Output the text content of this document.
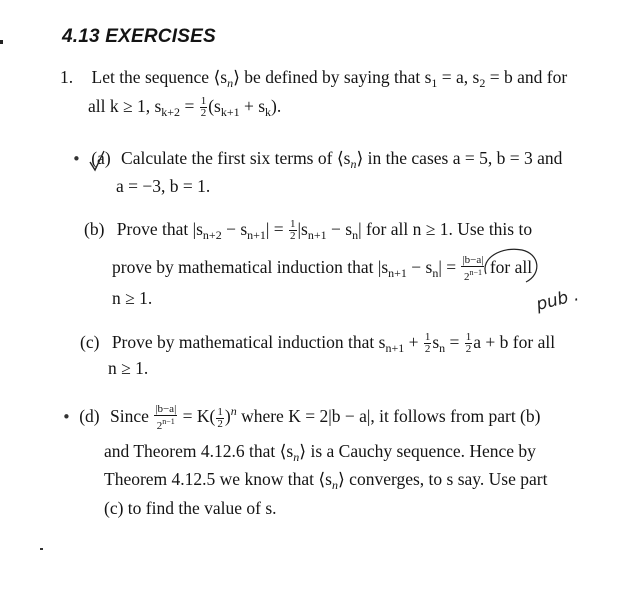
4.13 EXERCISES
1. Let the sequence $⟨s_n⟩$ be defined by saying that $s_1 = a$, $s_2 = b$ and for
all k ≥ 1, $s_{k+2} = \frac{1}{2} (s_{k+1} + s_k)$.
• (a) Calculate the first six terms of $⟨s_n⟩$ in the cases a = 5, b = 3 and
a = −3, b = 1.
(b) Prove that $|s_{n+2} - s_{n+1}| = \frac{1}{2} |s_{n+1} - s_n|$ for all n ≥ 1. Use this to
prove by mathematical induction that $|s_{n+1} - s_n| = \frac{|b-a|}{2^{n-1}}$ for all
n ≥ 1.	pub .
(c) Prove by mathematical induction that $s_{n+1} + \frac{1}{2} s_n = \frac{1}{2}$ a + b for all
n ≥ 1.
• (d) Since $\frac{|b-a|}{2^{n-1}} = K( \frac{1}{2} )^n$ where K = 2|b − a|, it follows from part (b)
and Theorem 4.12.6 that $⟨s_n⟩$ is a Cauchy sequence. Hence by
Theorem 4.12.5 we know that $⟨s_n⟩$ converges, to s say. Use part
(c) to find the value of s.
